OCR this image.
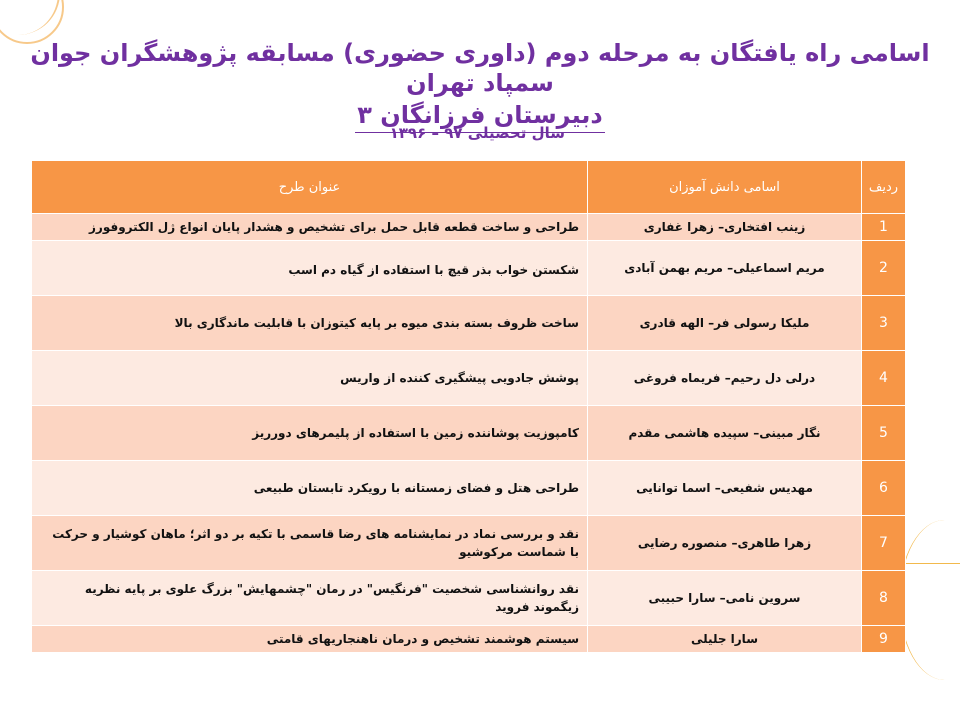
اسامی راه یافتگان به مرحله دوم (داوری حضوری) مسابقه پژوهشگران جوان سمپاد تهران
دبیرستان فرزانگان ۳
سال تحصیلی ۹۷ – ۱۳۹۶
ردیف	اسامی دانش آموزان	عنوان طرح
1	زینب افتخاری– زهرا غفاری	طراحی و ساخت قطعه قابل حمل برای تشخیص و هشدار پایان انواع ژل الکتروفورز
2	مریم اسماعیلی– مریم بهمن آبادی	شکستن خواب بذر قیچ با استفاده از گیاه دم اسب
3	ملیکا رسولی فر– الهه قادری	ساخت ظروف بسته بندی میوه بر پایه کیتوزان با قابلیت ماندگاری بالا
4	درلی دل رحیم– فریماه فروغی	پوشش جادویی پیشگیری کننده از واریس
5	نگار مبینی– سپیده هاشمی مقدم	کامپوزیت پوشاننده زمین با استفاده از پلیمرهای دورریز
6	مهدیس شفیعی– اسما توانایی	طراحی هتل و فضای زمستانه با رویکرد تابستان طبیعی
7	زهرا طاهری– منصوره رضایی	نقد و بررسی نماد در نمایشنامه های رضا قاسمی با تکیه بر دو اثر؛ ماهان کوشیار و حرکت با شماست مرکوشیو
8	سروین نامی– سارا حبیبی	نقد روانشناسی شخصیت "فرنگیس" در رمان "چشمهایش" بزرگ علوی بر پایه نظریه زیگموند فروید
9	سارا جلیلی	سیستم هوشمند تشخیص و درمان ناهنجاریهای قامتی
